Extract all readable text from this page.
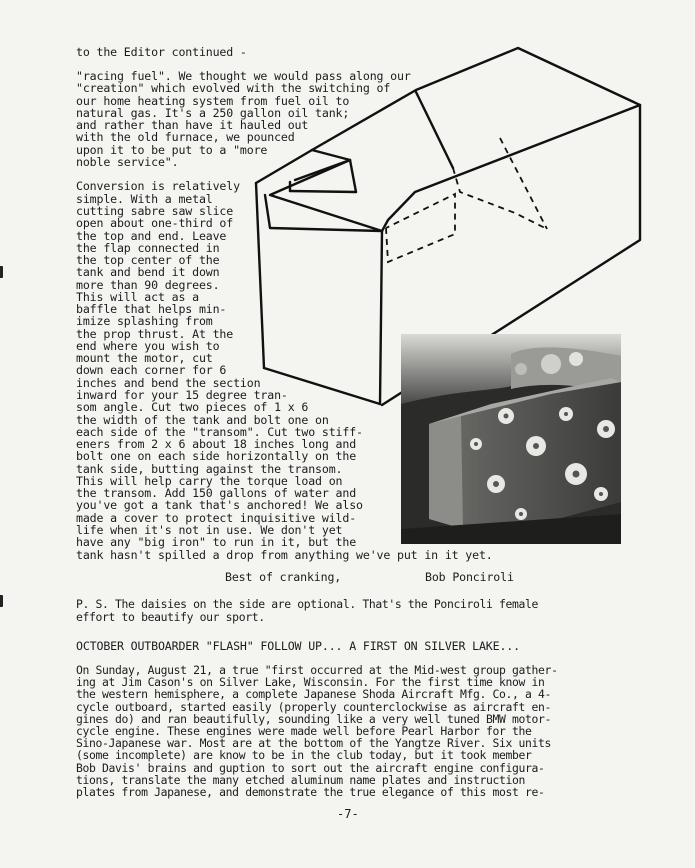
to the Editor continued -
"racing fuel". We thought we would pass along our
"creation" which evolved with the switching of
our home heating system from fuel oil to
natural gas. It's a 250 gallon oil tank;
and rather than have it hauled out
with the old furnace, we pounced
upon it to be put to a "more
noble service".
Conversion is relatively
simple. With a metal
cutting sabre saw slice
open about one-third of
the top and end. Leave
the flap connected in
the top center of the
tank and bend it down
more than 90 degrees.
This will act as a
baffle that helps min-
imize splashing from
the prop thrust. At the
end where you wish to
mount the motor, cut
down each corner for 6
inches and bend the section
inward for your 15 degree tran-
som angle. Cut two pieces of 1 x 6
the width of the tank and bolt one on
each side of the "transom". Cut two stiff-
eners from 2 x 6 about 18 inches long and
bolt one on each side horizontally on the
tank side, butting against the transom.
This will help carry the torque load on
the transom. Add 150 gallons of water and
you've got a tank that's anchored! We also
made a cover to protect inquisitive wild-
life when it's not in use. We don't yet
have any "big iron" to run in it, but the
tank hasn't spilled a drop from anything we've put in it yet.
Best of cranking,	Bob Ponciroli
P. S. The daisies on the side are optional. That's the Ponciroli female
effort to beautify our sport.
OCTOBER OUTBOARDER "FLASH" FOLLOW UP... A FIRST ON SILVER LAKE...
On Sunday, August 21, a true "first occurred at the Mid-west group gather-
ing at Jim Cason's on Silver Lake, Wisconsin. For the first time know in
the western hemisphere, a complete Japanese Shoda Aircraft Mfg. Co., a 4-
cycle outboard, started easily (properly counterclockwise as aircraft en-
gines do) and ran beautifully, sounding like a very well tuned BMW motor-
cycle engine. These engines were made well before Pearl Harbor for the
Sino-Japanese war. Most are at the bottom of the Yangtze River. Six units
(some incomplete) are know to be in the club today, but it took member
Bob Davis' brains and guption to sort out the aircraft engine configura-
tions, translate the many etched aluminum name plates and instruction
plates from Japanese, and demonstrate the true elegance of this most re-
-7-
